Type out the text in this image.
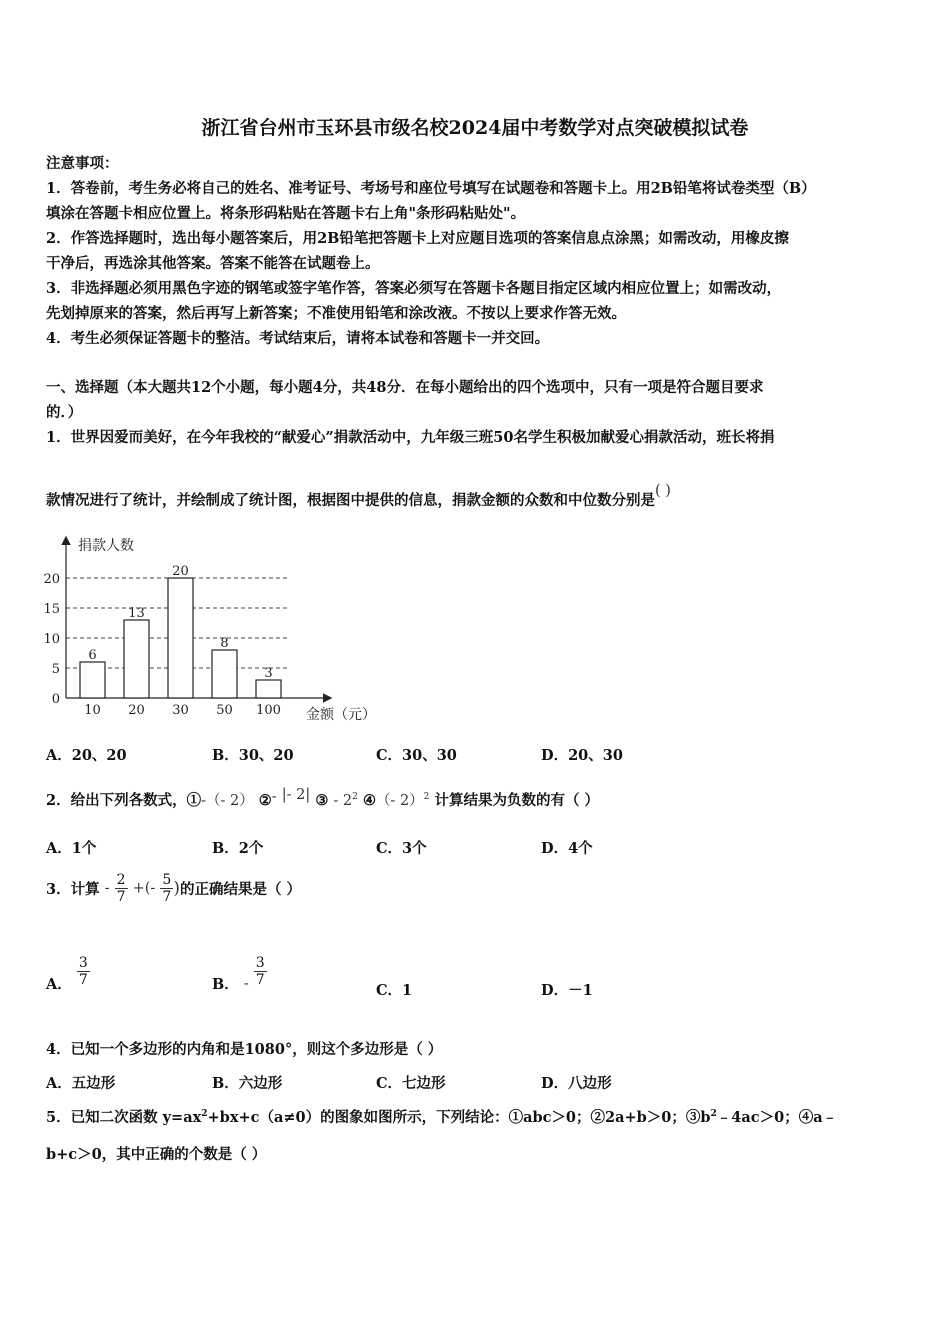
浙江省台州市玉环县市级名校2024届中考数学对点突破模拟试卷
注意事项：
1．答卷前，考生务必将自己的姓名、准考证号、考场号和座位号填写在试题卷和答题卡上。用2B铅笔将试卷类型（B）
填涂在答题卡相应位置上。将条形码粘贴在答题卡右上角"条形码粘贴处"。
2．作答选择题时，选出每小题答案后，用2B铅笔把答题卡上对应题目选项的答案信息点涂黑；如需改动，用橡皮擦
干净后，再选涂其他答案。答案不能答在试题卷上。
3．非选择题必须用黑色字迹的钢笔或签字笔作答，答案必须写在答题卡各题目指定区域内相应位置上；如需改动，
先划掉原来的答案，然后再写上新答案；不准使用铅笔和涂改液。不按以上要求作答无效。
4．考生必须保证答题卡的整洁。考试结束后，请将本试卷和答题卡一并交回。
一、选择题（本大题共12个小题，每小题4分，共48分．在每小题给出的四个选项中，只有一项是符合题目要求
的．）
1．世界因爱而美好，在今年我校的“献爱心”捐款活动中，九年级三班50名学生积极加献爱心捐款活动，班长将捐
款情况进行了统计，并绘制成了统计图，根据图中提供的信息，捐款金额的众数和中位数分别是( )
捐款人数
金额（元）
0
5
10
15
20
6
10
13
20
20
30
8
50
3
100
A．20、20	B．30、20	C．30、30	D．20、30
2．给出下列各数式，①-（- 2） ②- |- 2| ③ - $2^2$ ④（- 2）$^2$ 计算结果为负数的有（ ）
A．1个	B．2个	C．3个	D．4个
3．计算 - $\frac{2}{7}$ +(- $\frac{5}{7}$ )的正确结果是（ ）
A． $\frac{3}{7}$	B． - $\frac{3}{7}$
C．1	D．－1
4．已知一个多边形的内角和是1080°，则这个多边形是（ ）
A．五边形	B．六边形	C．七边形	D．八边形
5．已知二次函数 $y=ax^2+bx+c(a\ne 0)$的图象如图所示，下列结论：①abc＞0；②2a+b＞0；$③b^2﹣4ac>0$；④a﹣
b+c＞0，其中正确的个数是（ ）
